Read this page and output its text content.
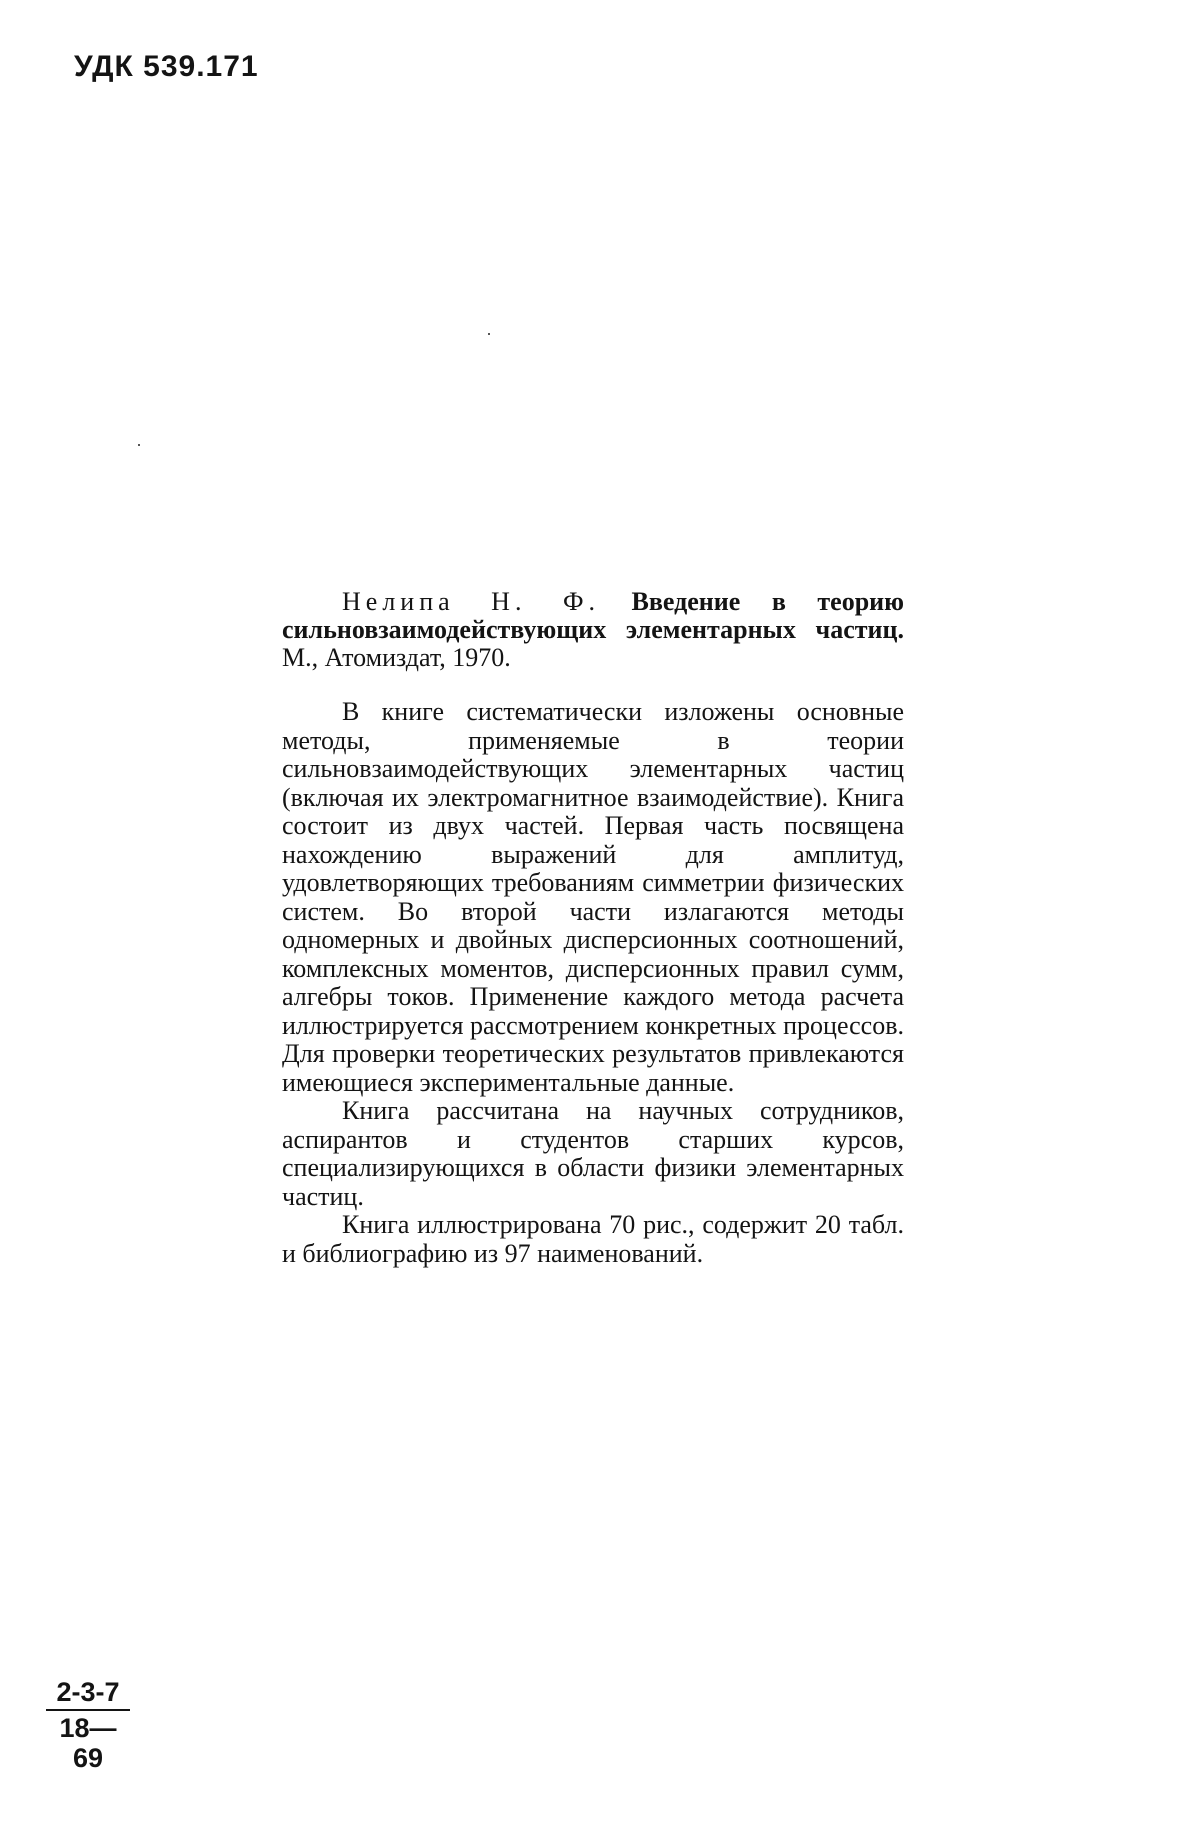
УДК 539.171

Нелипа Н. Ф. Введение в теорию сильновзаимодействующих элементарных частиц. М., Атомиздат, 1970.

В книге систематически изложены основные методы, применяемые в теории сильновзаимодействующих элементарных частиц (включая их электромагнитное взаимодействие). Книга состоит из двух частей. Первая часть посвящена нахождению выражений для амплитуд, удовлетворяющих требованиям симметрии физических систем. Во второй части излагаются методы одномерных и двойных дисперсионных соотношений, комплексных моментов, дисперсионных правил сумм, алгебры токов. Применение каждого метода расчета иллюстрируется рассмотрением конкретных процессов. Для проверки теоретических результатов привлекаются имеющиеся экспериментальные данные.

Книга рассчитана на научных сотрудников, аспирантов и студентов старших курсов, специализирующихся в области физики элементарных частиц.

Книга иллюстрирована 70 рис., содержит 20 табл. и библиографию из 97 наименований.

2-3-7
18—69
